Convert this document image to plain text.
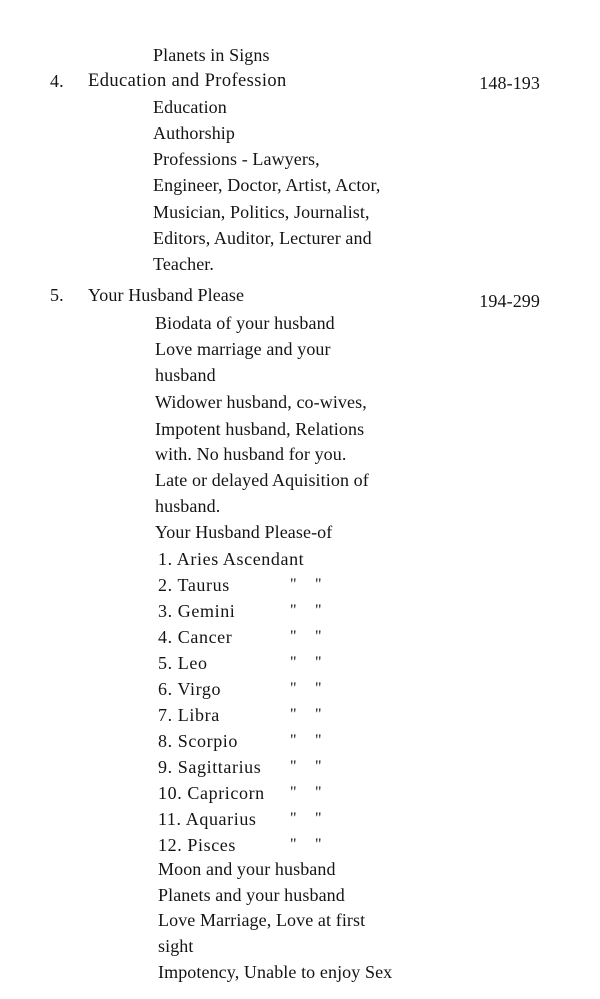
Planets in Signs
4. Education and Profession	148-193
Education
Authorship
Professions - Lawyers,
Engineer, Doctor, Artist, Actor,
Musician, Politics, Journalist,
Editors, Auditor, Lecturer and
Teacher.
5. Your Husband Please	194-299
Biodata of your husband
Love marriage and your
husband
Widower husband, co-wives,
Impotent husband, Relations
with. No husband for you.
Late or delayed Aquisition of
husband.
Your Husband Please-of
1. Aries Ascendant
2. Taurus	" "
3. Gemini	" "
4. Cancer	" "
5. Leo	" "
6. Virgo	" "
7. Libra	" "
8. Scorpio	" "
9. Sagittarius " "
10. Capricorn " "
11. Aquarius " "
12. Pisces	" "
Moon and your husband
Planets and your husband
Love Marriage, Love at first
sight
Impotency, Unable to enjoy Sex
